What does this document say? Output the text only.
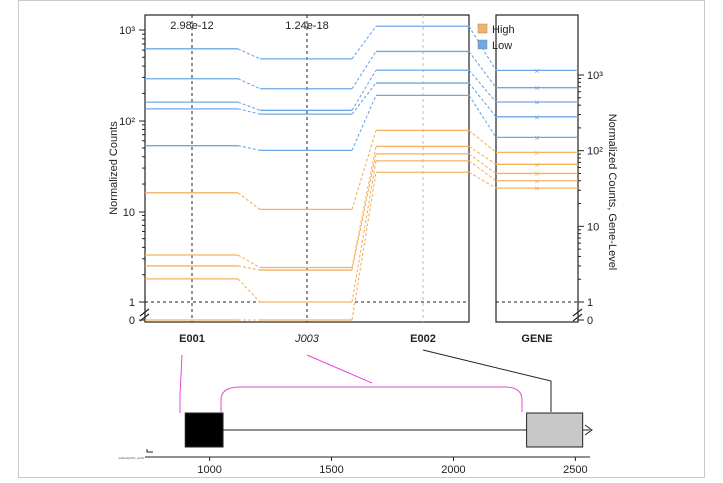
0
1
10
10²
10³
0
1
10
10²
10³
×
×
×
×
×
×
×
×
×
×
E001	J003	E002	GENE
2.98e-12	1.24e-18	High
Low
1000	1500	2000	2500
notReallyADi_andS
Normalized Counts	Normalized Counts, Gene-Level
